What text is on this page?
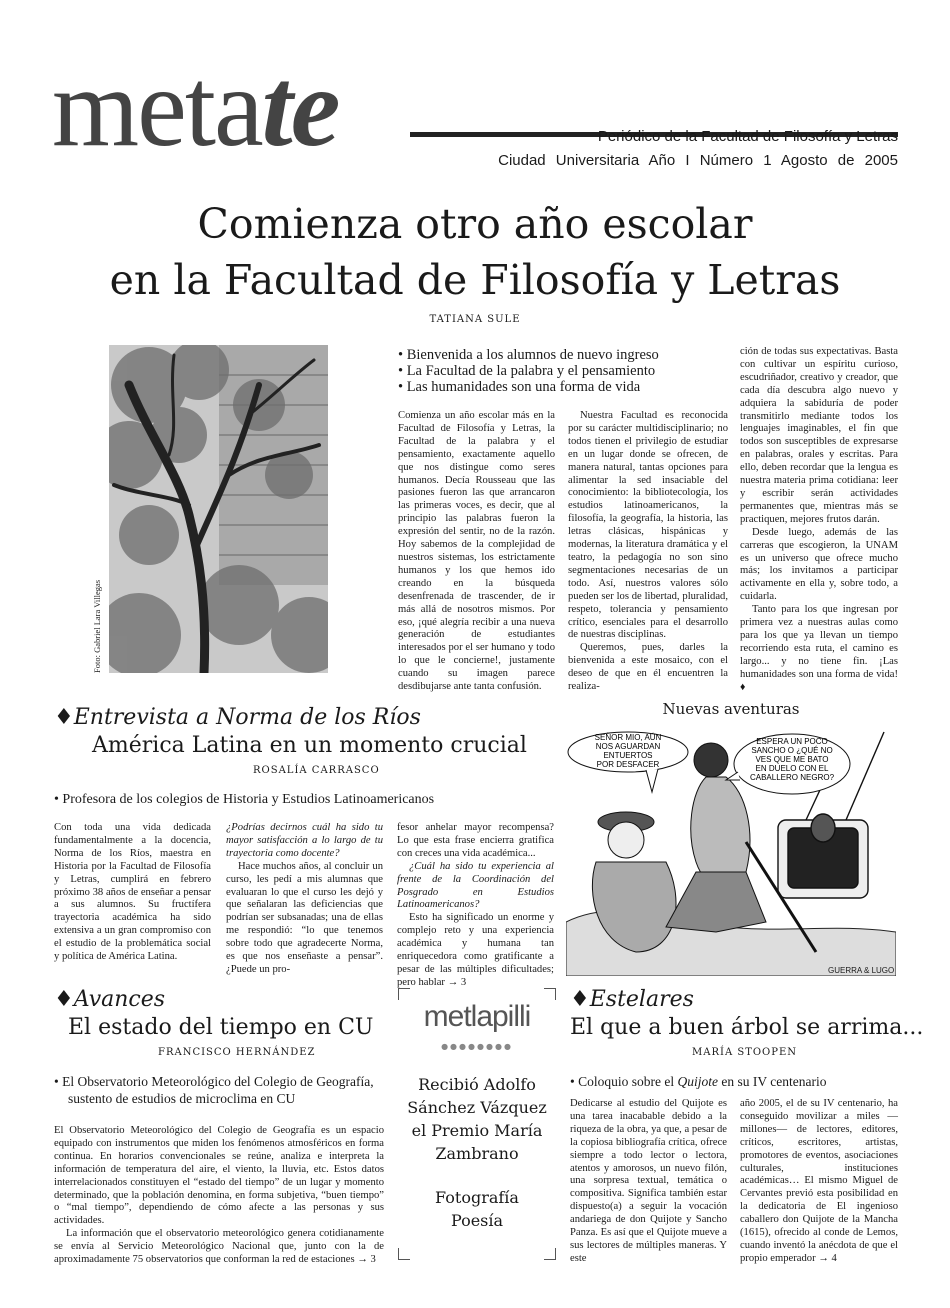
metate	Periódico de la Facultad de Filosofía y Letras
Ciudad Universitaria Año I Número 1 Agosto de 2005
Comienza otro año escolar
en la Facultad de Filosofía y Letras
TATIANA SULE
Foto: Gabriel Lara Villegas
• Bienvenida a los alumnos de nuevo ingreso
• La Facultad de la palabra y el pensamiento
• Las humanidades son una forma de vida

Comienza un año escolar más en la Facultad de Filosofía y Letras, la Facultad de la palabra y el pensamiento, exactamente aquello que nos distingue como seres humanos. Decía Rousseau que las pasiones fueron las que arrancaron las primeras voces, es decir, que al principio las palabras fueron la expresión del sentir, no de la razón. Hoy sabemos de la complejidad de nuestros sistemas, los estrictamente humanos y los que hemos ido creando en la búsqueda desenfrenada de trascender, de ir más allá de nosotros mismos. Por eso, ¡qué alegría recibir a una nueva generación de estudiantes interesados por el ser humano y todo lo que le concierne!, justamente cuando su imagen parece desdibujarse ante tanta confusión.

Nuestra Facultad es reconocida por su carácter multidisciplinario; no todos tienen el privilegio de estudiar en un lugar donde se ofrecen, de manera natural, tantas opciones para alimentar la sed insaciable del conocimiento: la bibliotecología, los estudios latinoamericanos, la filosofía, la geografía, la historia, las letras clásicas, hispánicas y modernas, la literatura dramática y el teatro, la pedagogía no son sino segmentaciones necesarias de un todo. Así, nuestros valores sólo pueden ser los de libertad, pluralidad, respeto, tolerancia y pensamiento crítico, esenciales para el desarrollo de nuestras disciplinas.

Queremos, pues, darles la bienvenida a este mosaico, con el deseo de que en él encuentren la realiza-

ción de todas sus expectativas. Basta con cultivar un espíritu curioso, escudriñador, creativo y creador, que cada día descubra algo nuevo y adquiera la sabiduría de poder transmitirlo mediante todos los lenguajes imaginables, el fin que todos son susceptibles de expresarse en palabras, orales y escritas. Para ello, deben recordar que la lengua es nuestra materia prima cotidiana: leer y escribir serán actividades permanentes que, mientras más se practiquen, mejores frutos darán.

Desde luego, además de las carreras que escogieron, la UNAM es un universo que ofrece mucho más; los invitamos a participar activamente en ella y, sobre todo, a cuidarla.

Tanto para los que ingresan por primera vez a nuestras aulas como para los que ya llevan un tiempo recorriendo esta ruta, el camino es largo... y no tiene fin. ¡Las humanidades son una forma de vida!♦

♦Entrevista a Norma de los Ríos
América Latina en un momento crucial
ROSALÍA CARRASCO
• Profesora de los colegios de Historia y Estudios Latinoamericanos

Con toda una vida dedicada fundamentalmente a la docencia, Norma de los Ríos, maestra en Historia por la Facultad de Filosofía y Letras, cumplirá en febrero próximo 38 años de enseñar a pensar a sus alumnos. Su fructífera trayectoria académica ha sido extensiva a un gran compromiso con el estudio de la problemática social y política de América Latina.

¿Podrías decirnos cuál ha sido tu mayor satisfacción a lo largo de tu trayectoria como docente?

Hace muchos años, al concluir un curso, les pedí a mis alumnas que evaluaran lo que el curso les dejó y que señalaran las deficiencias que podrían ser subsanadas; una de ellas me respondió: “lo que tenemos sobre todo que agradecerte Norma, es que nos enseñaste a pensar”. ¿Puede un pro-

fesor anhelar mayor recompensa? Lo que esta frase encierra gratifica con creces una vida académica...

¿Cuál ha sido tu experiencia al frente de la Coordinación del Posgrado en Estudios Latinoamericanos?

Esto ha significado un enorme y complejo reto y una experiencia académica y humana tan enriquecedora como gratificante a pesar de las múltiples dificultades; pero hablar → 3

Nuevas aventuras
SEÑOR MIO, AÚN NOS AGUARDAN ENTUERTOS POR DESFACER
ESPERA UN POCO SANCHO O ¿QUÉ NO VES QUE ME BATO EN DUELO CON EL CABALLERO NEGRO?
GUERRA & LUGO
♦Avances
El estado del tiempo en CU
FRANCISCO HERNÁNDEZ
• El Observatorio Meteorológico del Colegio de Geografía, sustento de estudios de microclima en CU

El Observatorio Meteorológico del Colegio de Geografía es un espacio equipado con instrumentos que miden los fenómenos atmosféricos en forma continua. En horarios convencionales se reúne, analiza e interpreta la información de temperatura del aire, el viento, la lluvia, etc. Estos datos interrelacionados constituyen el “estado del tiempo” de un lugar y momento determinado, que la población denomina, en forma subjetiva, “buen tiempo” o “mal tiempo”, dependiendo de cómo afecte a las personas y sus actividades.

La información que el observatorio meteorológico genera cotidianamente se envía al Servicio Meteorológico Nacional que, junto con la de aproximadamente 75 observatorios que conforman la red de estaciones → 3

metlapilli
●●●●●●●●
Recibió Adolfo Sánchez Vázquez el Premio María Zambrano
Fotografía
Poesía
♦Estelares
El que a buen árbol se arrima...
MARÍA STOOPEN
• Coloquio sobre el Quijote en su IV centenario

Dedicarse al estudio del Quijote es una tarea inacabable debido a la riqueza de la obra, ya que, a pesar de la copiosa bibliografía crítica, ofrece siempre a todo lector o lectora, atentos y amorosos, un nuevo filón, una sorpresa textual, temática o compositiva. Significa también estar dispuesto(a) a seguir la vocación andariega de don Quijote y Sancho Panza. Es así que el Quijote mueve a sus lectores de múltiples maneras. Y este

año 2005, el de su IV centenario, ha conseguido movilizar a miles —millones— de lectores, editores, críticos, escritores, artistas, promotores de eventos, asociaciones culturales, instituciones académicas… El mismo Miguel de Cervantes previó esta posibilidad en la dedicatoria de El ingenioso caballero don Quijote de la Mancha (1615), ofrecido al conde de Lemos, cuando inventó la anécdota de que el propio emperador → 4
